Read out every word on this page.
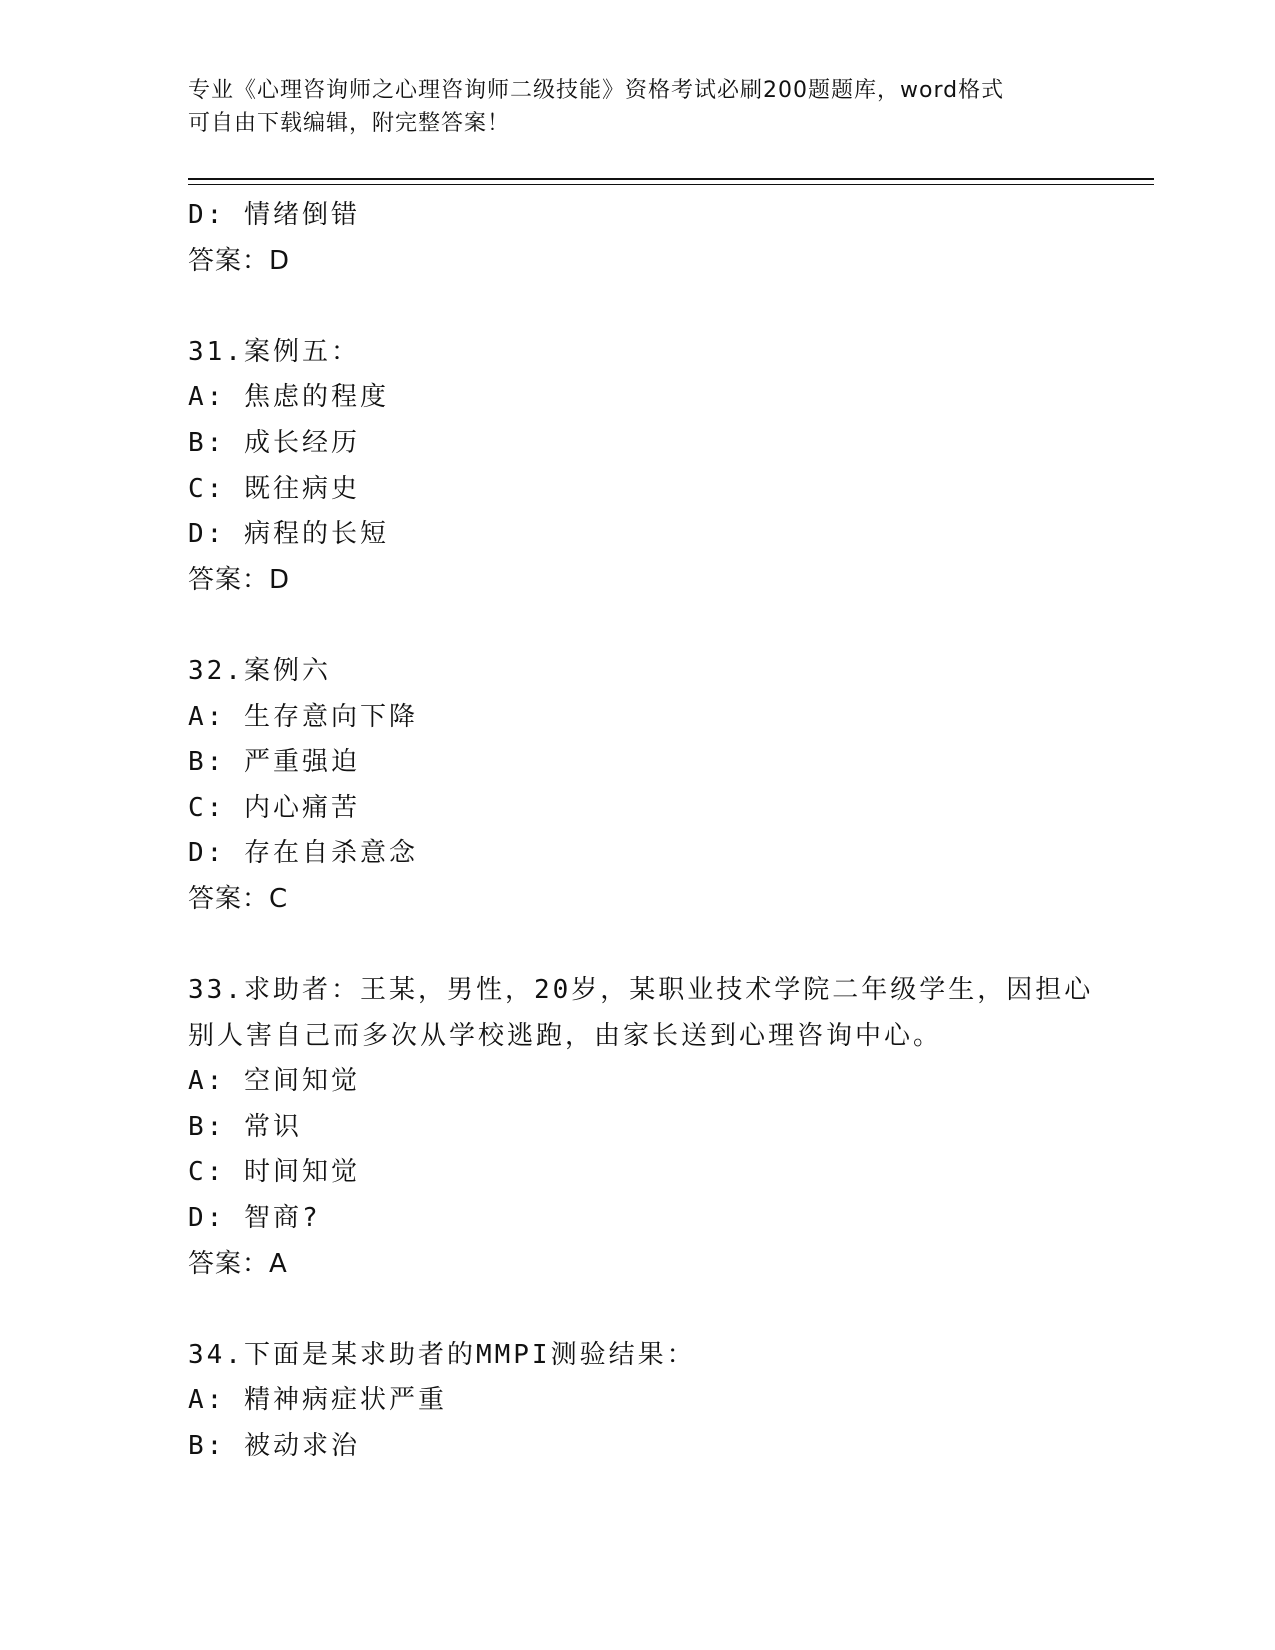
专业《心理咨询师之心理咨询师二级技能》资格考试必刷200题题库，word格式
可自由下载编辑，附完整答案！
D: 情绪倒错
答案：D
31.案例五：
A: 焦虑的程度
B: 成长经历
C: 既往病史
D: 病程的长短
答案：D
32.案例六
A: 生存意向下降
B: 严重强迫
C: 内心痛苦
D: 存在自杀意念
答案：C
33.求助者：王某，男性，20岁，某职业技术学院二年级学生，因担心别人害自己而多次从学校逃跑，由家长送到心理咨询中心。
A: 空间知觉
B: 常识
C: 时间知觉
D: 智商?
答案：A
34.下面是某求助者的MMPI测验结果：
A: 精神病症状严重
B: 被动求治
